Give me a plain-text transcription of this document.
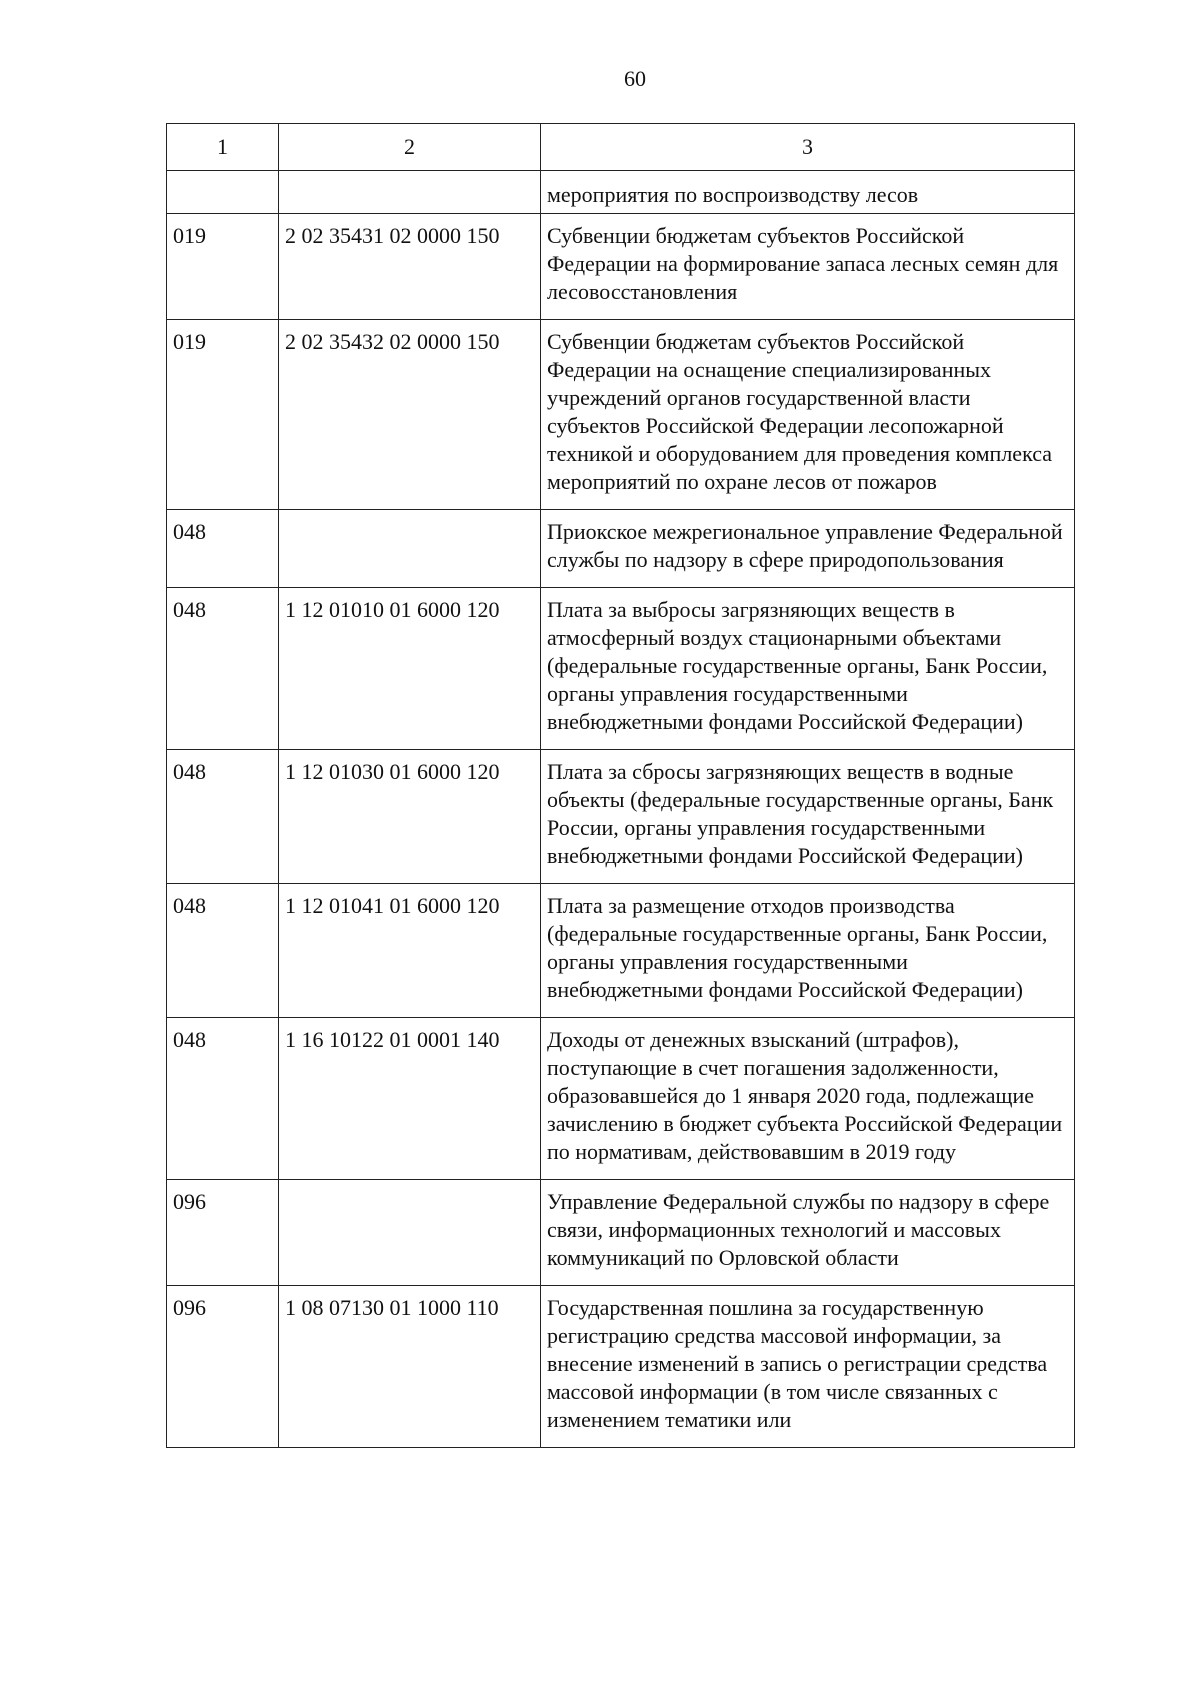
60
1	2	3
		мероприятия по воспроизводству лесов
019	2 02 35431 02 0000 150	Субвенции бюджетам субъектов Российской Федерации на формирование запаса лесных семян для лесовосстановления
019	2 02 35432 02 0000 150	Субвенции бюджетам субъектов Российской Федерации на оснащение специализированных учреждений органов государственной власти субъектов Российской Федерации лесопожарной техникой и оборудованием для проведения комплекса мероприятий по охране лесов от пожаров
048		Приокское межрегиональное управление Федеральной службы по надзору в сфере природопользования
048	1 12 01010 01 6000 120	Плата за выбросы загрязняющих веществ в атмосферный воздух стационарными объектами (федеральные государственные органы, Банк России, органы управления государственными внебюджетными фондами Российской Федерации)
048	1 12 01030 01 6000 120	Плата за сбросы загрязняющих веществ в водные объекты (федеральные государственные органы, Банк России, органы управления государственными внебюджетными фондами Российской Федерации)
048	1 12 01041 01 6000 120	Плата за размещение отходов производства (федеральные государственные органы, Банк России, органы управления государственными внебюджетными фондами Российской Федерации)
048	1 16 10122 01 0001 140	Доходы от денежных взысканий (штрафов), поступающие в счет погашения задолженности, образовавшейся до 1 января 2020 года, подлежащие зачислению в бюджет субъекта Российской Федерации по нормативам, действовавшим в 2019 году
096		Управление Федеральной службы по надзору в сфере связи, информационных технологий и массовых коммуникаций по Орловской области
096	1 08 07130 01 1000 110	Государственная пошлина за государственную регистрацию средства массовой информации, за внесение изменений в запись о регистрации средства массовой информации (в том числе связанных с изменением тематики или
